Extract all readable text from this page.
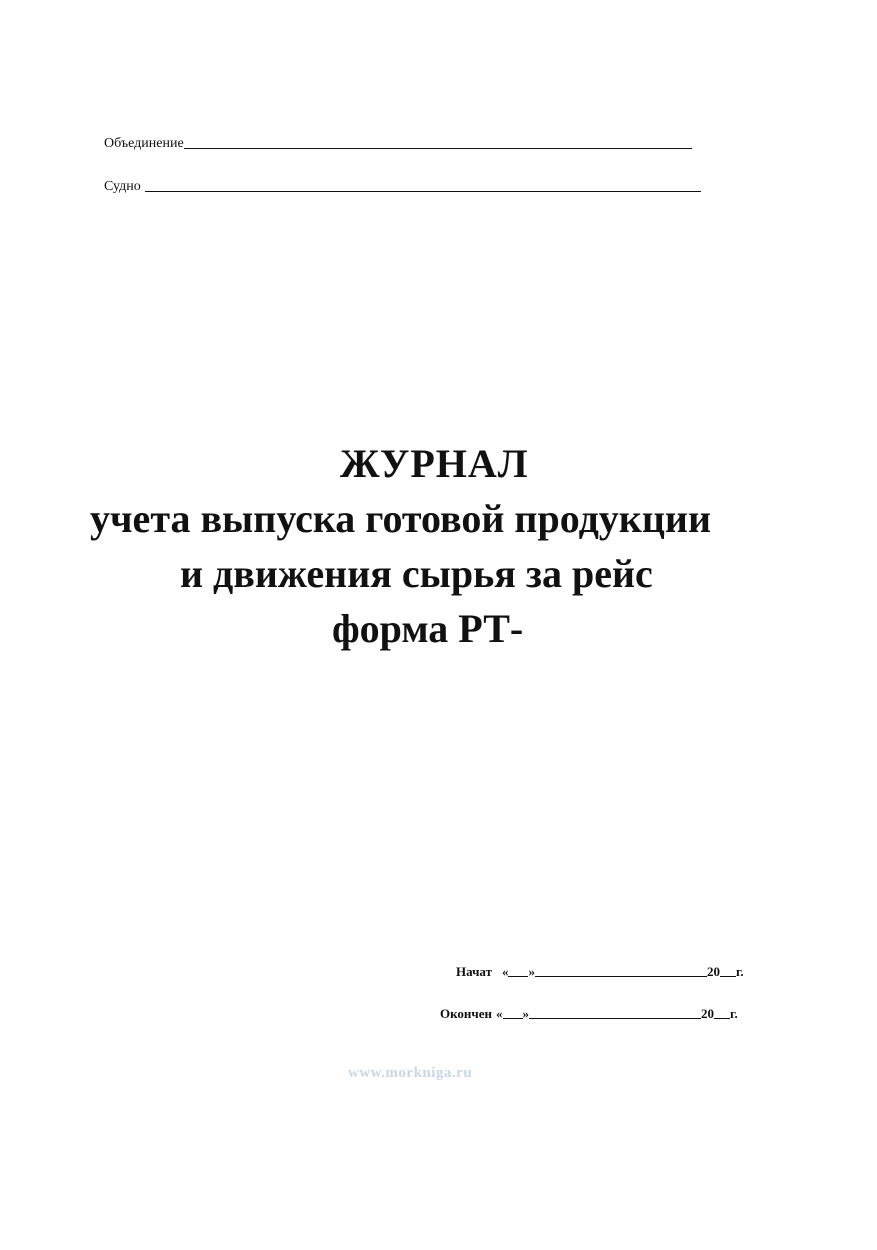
Объединение
Судно
ЖУРНАЛ
учета выпуска готовой продукции
и движения сырья за рейс
форма РТ-
Начат « »	20 г.
Окончен « »	20 г.
www.morkniga.ru
